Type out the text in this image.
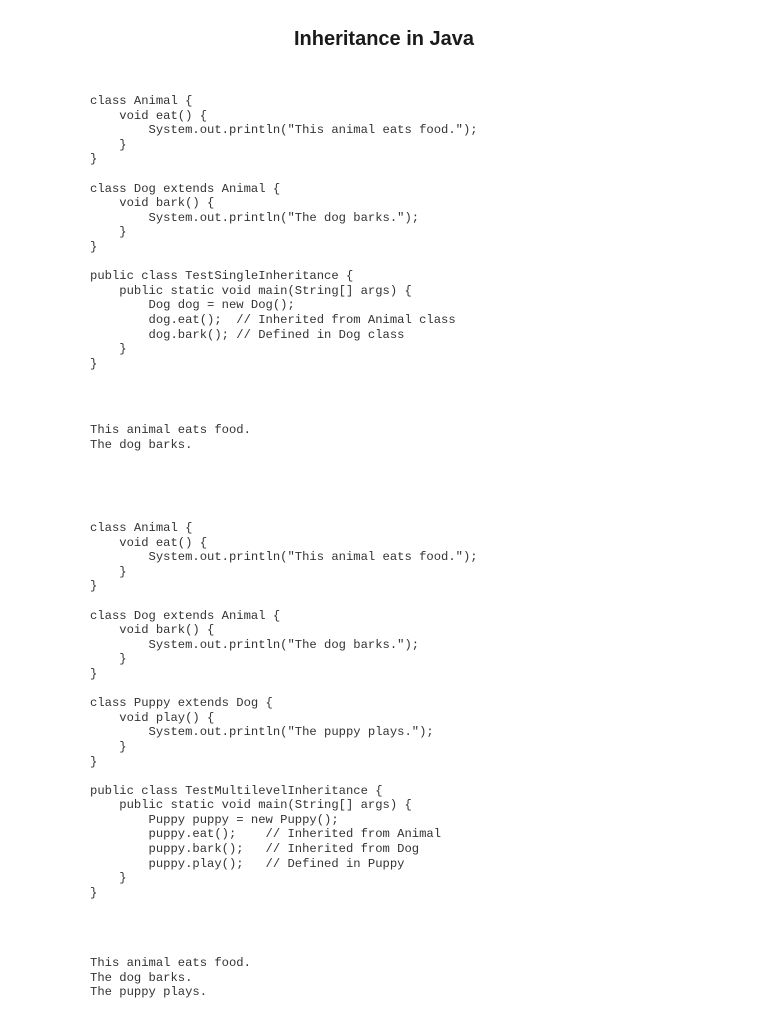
Inheritance in Java
class Animal {
void eat() {
System.out.println("This animal eats food.");
}
}

class Dog extends Animal {
void bark() {
System.out.println("The dog barks.");
}
}

public class TestSingleInheritance {
public static void main(String[] args) {
Dog dog = new Dog();
dog.eat();  // Inherited from Animal class
dog.bark(); // Defined in Dog class
}
}
This animal eats food.
The dog barks.
class Animal {
void eat() {
System.out.println("This animal eats food.");
}
}

class Dog extends Animal {
void bark() {
System.out.println("The dog barks.");
}
}

class Puppy extends Dog {
void play() {
System.out.println("The puppy plays.");
}
}

public class TestMultilevelInheritance {
public static void main(String[] args) {
Puppy puppy = new Puppy();
puppy.eat();    // Inherited from Animal
puppy.bark();   // Inherited from Dog
puppy.play();   // Defined in Puppy
}
}
This animal eats food.
The dog barks.
The puppy plays.
